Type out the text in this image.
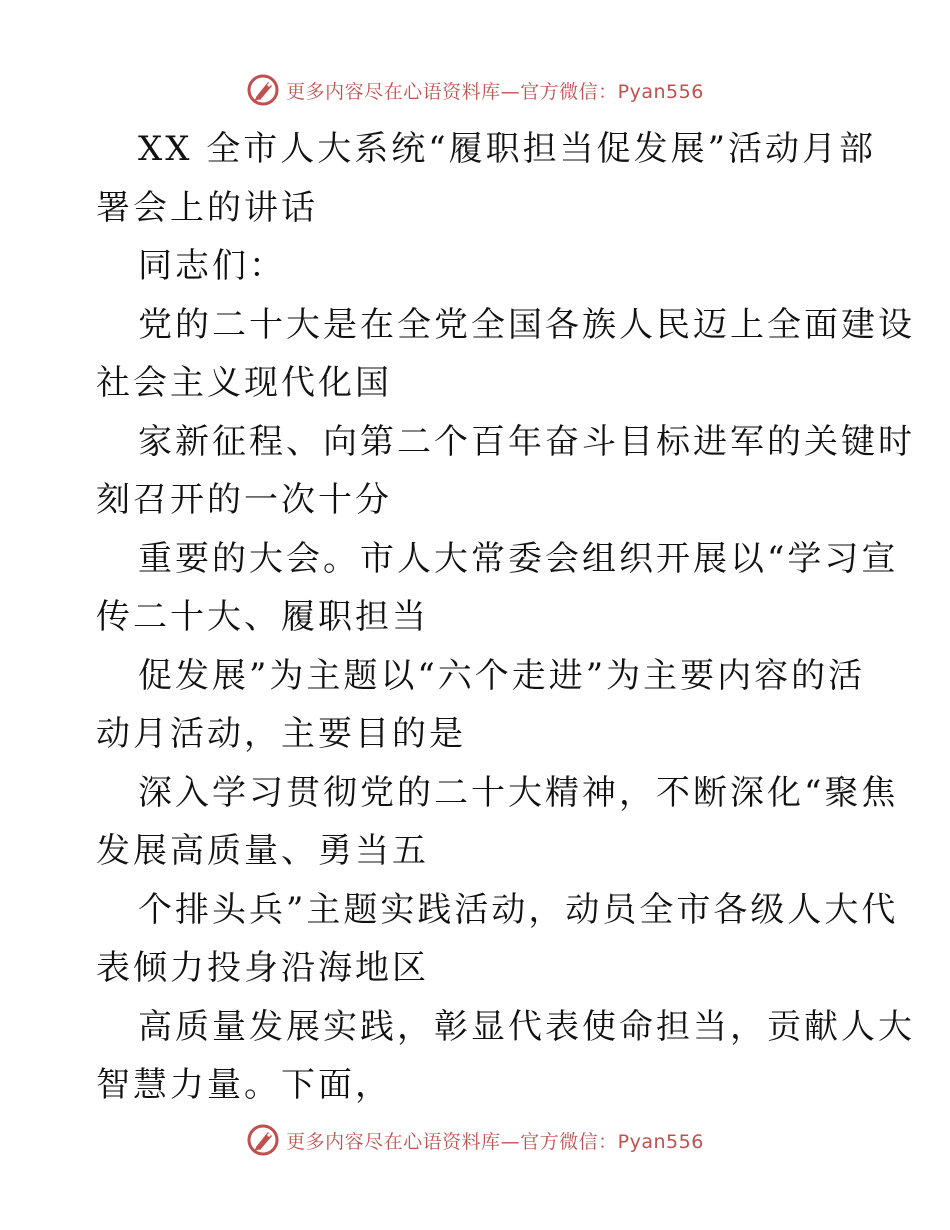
更多内容尽在心语资料库—官方微信：Pyan556
XX 全市人大系统“履职担当促发展”活动月部
署会上的讲话
同志们：
党的二十大是在全党全国各族人民迈上全面建设
社会主义现代化国
家新征程、向第二个百年奋斗目标进军的关键时
刻召开的一次十分
重要的大会。市人大常委会组织开展以“学习宣
传二十大、履职担当
促发展”为主题以“六个走进”为主要内容的活
动月活动，主要目的是
深入学习贯彻党的二十大精神，不断深化“聚焦
发展高质量、勇当五
个排头兵”主题实践活动，动员全市各级人大代
表倾力投身沿海地区
高质量发展实践，彰显代表使命担当，贡献人大
智慧力量。下面，
更多内容尽在心语资料库—官方微信：Pyan556
